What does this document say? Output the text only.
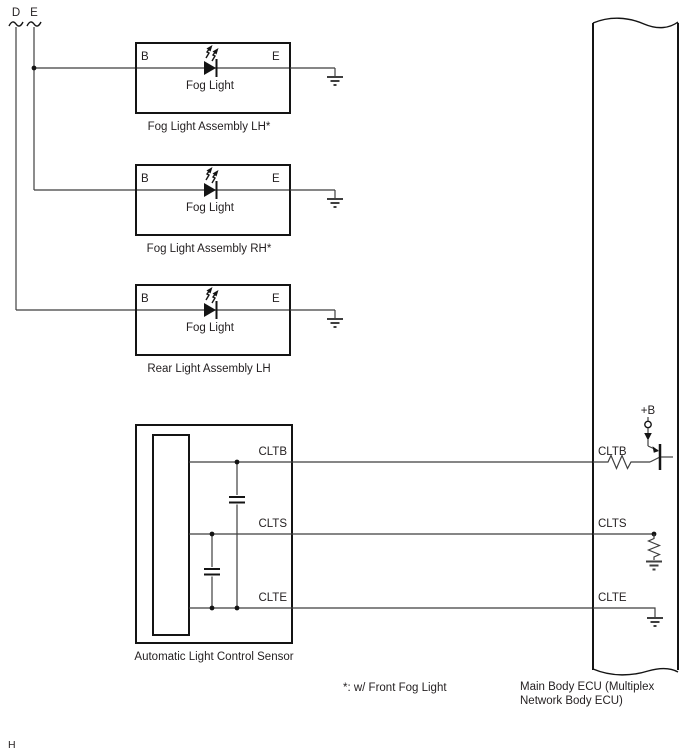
D E
B	E
Fog Light
Fog Light Assembly LH*
B	E
Fog Light
Fog Light Assembly RH*
B	E
Fog Light
Rear Light Assembly LH
CLTB
CLTS
CLTE
Automatic Light Control Sensor
CLTB
CLTS
CLTE
+B
Main Body ECU (Multiplex
Network Body ECU)
*: w/ Front Fog Light
H
